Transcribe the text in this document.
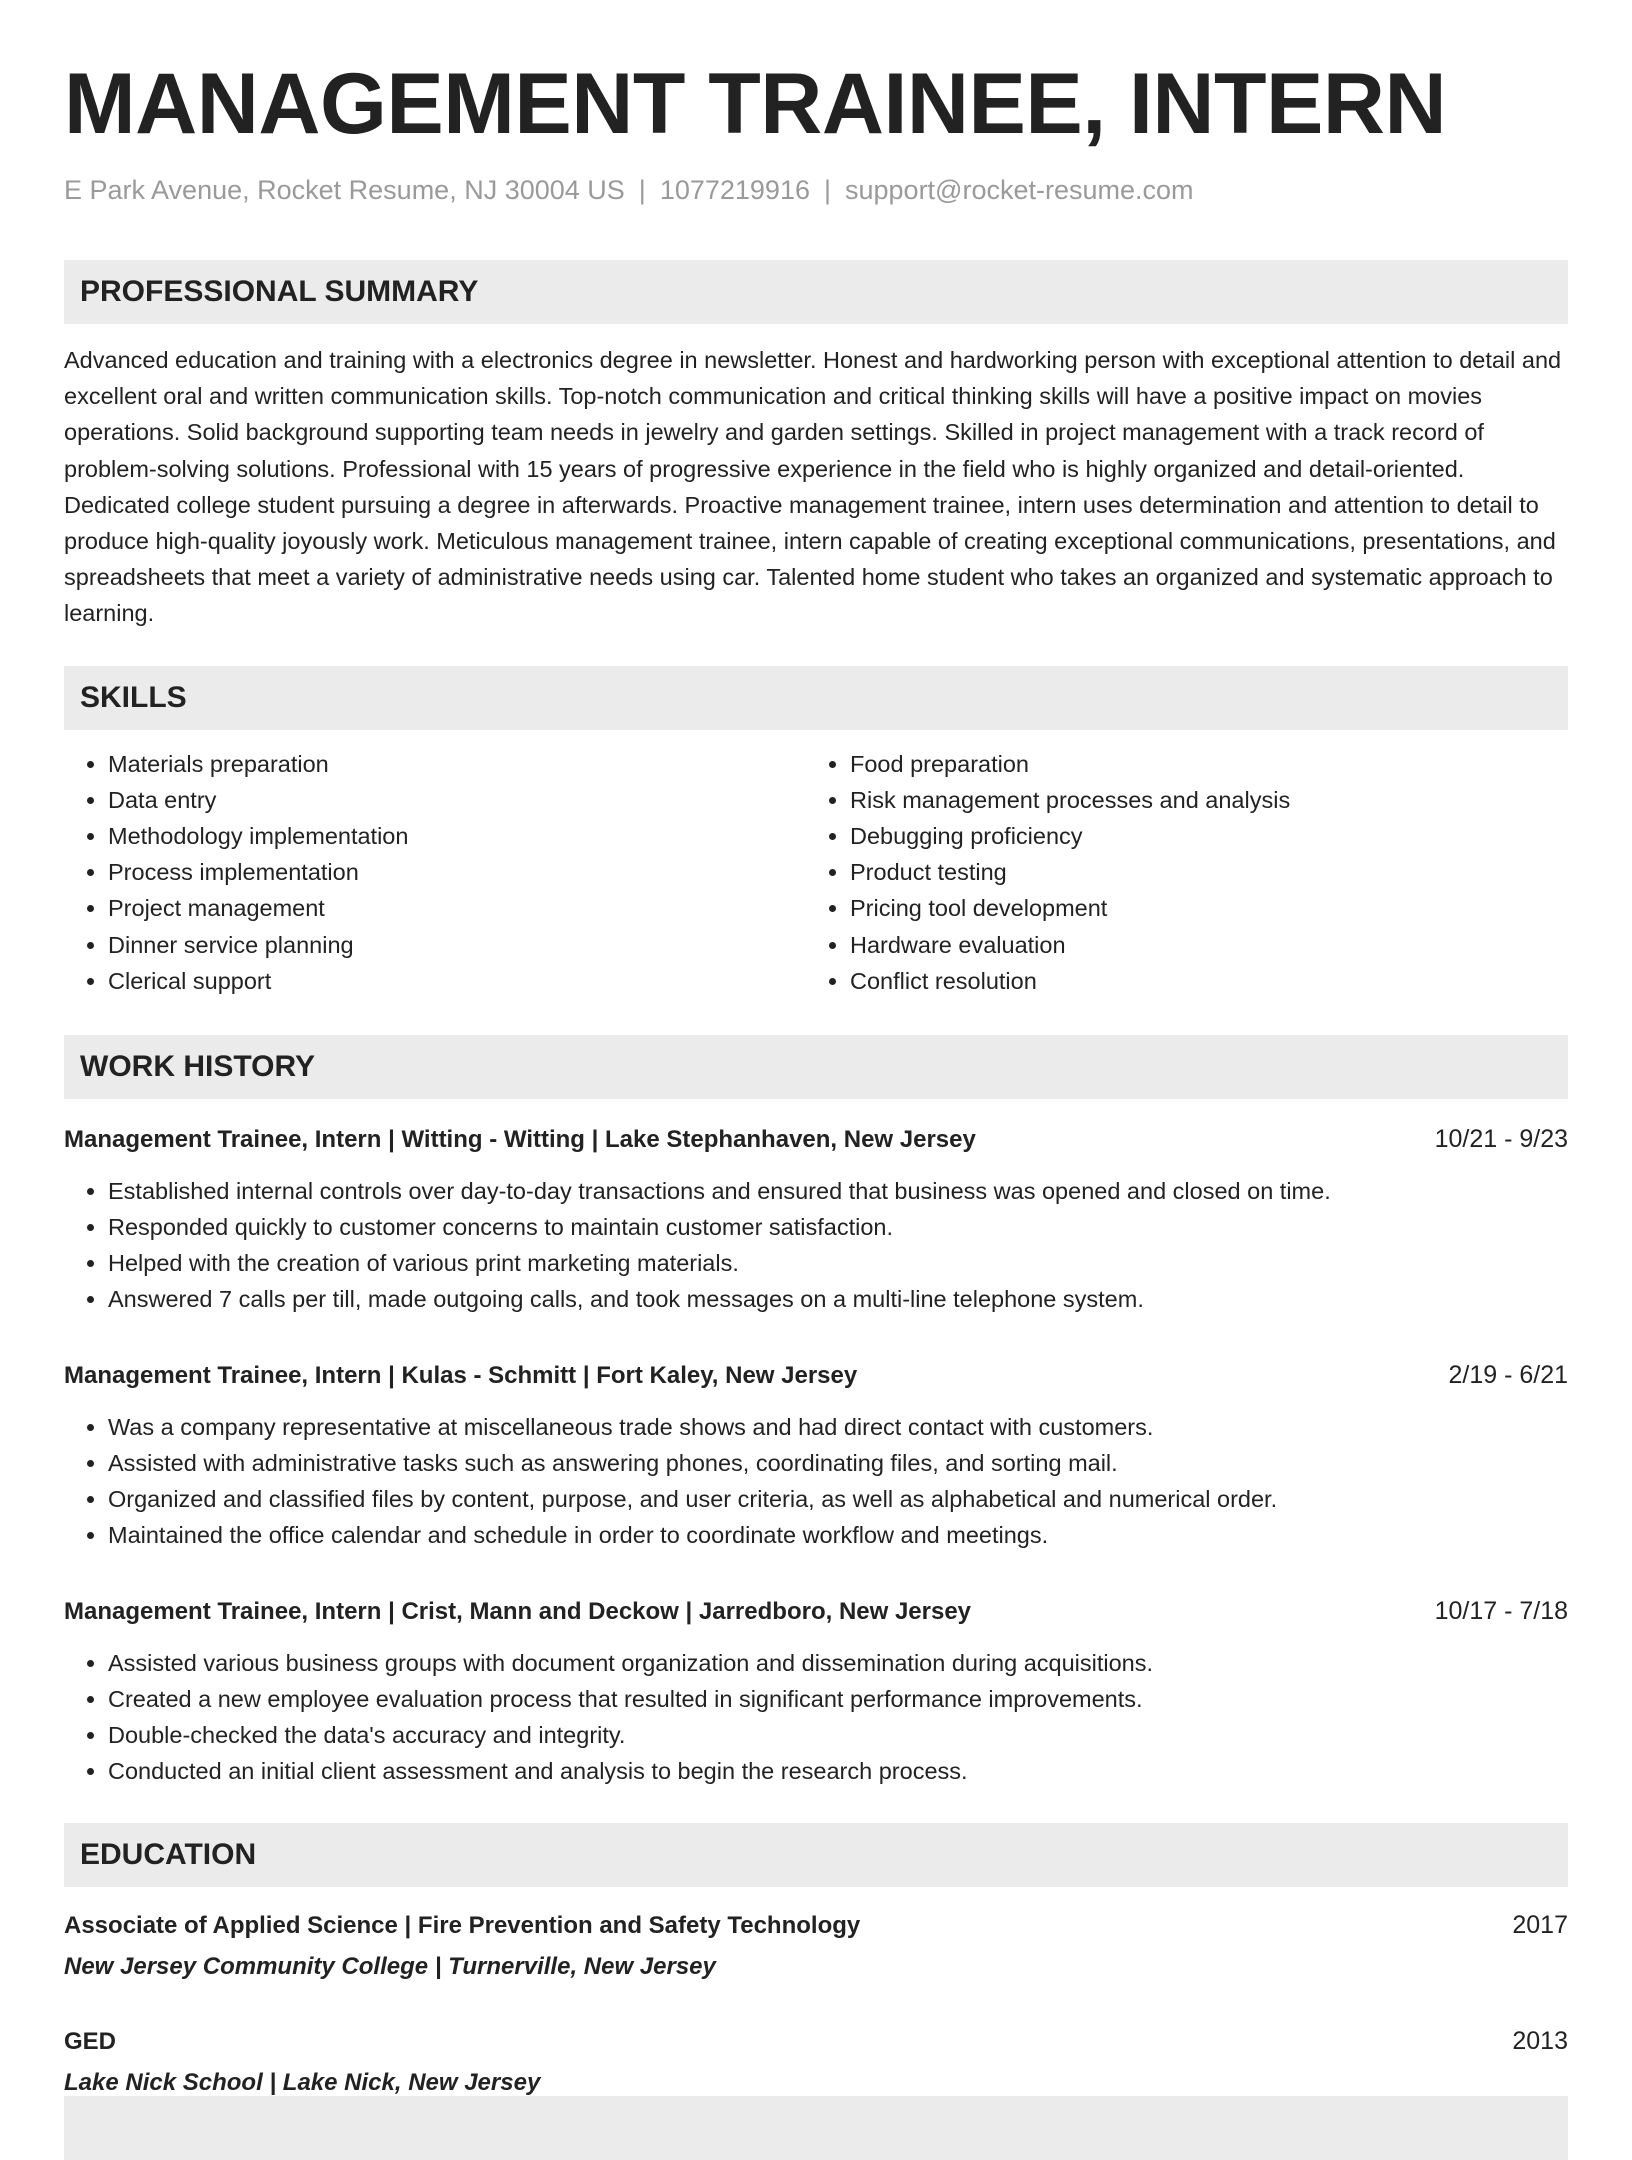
MANAGEMENT TRAINEE, INTERN
E Park Avenue, Rocket Resume, NJ 30004 US | 1077219916 | support@rocket-resume.com
PROFESSIONAL SUMMARY

Advanced education and training with a electronics degree in newsletter. Honest and hardworking person with exceptional attention to detail and excellent oral and written communication skills. Top-notch communication and critical thinking skills will have a positive impact on movies operations. Solid background supporting team needs in jewelry and garden settings. Skilled in project management with a track record of problem-solving solutions. Professional with 15 years of progressive experience in the field who is highly organized and detail-oriented. Dedicated college student pursuing a degree in afterwards. Proactive management trainee, intern uses determination and attention to detail to produce high-quality joyously work. Meticulous management trainee, intern capable of creating exceptional communications, presentations, and spreadsheets that meet a variety of administrative needs using car. Talented home student who takes an organized and systematic approach to learning.

SKILLS
• Materials preparation
• Data entry
• Methodology implementation
• Process implementation
• Project management
• Dinner service planning
• Clerical support
• Food preparation
• Risk management processes and analysis
• Debugging proficiency
• Product testing
• Pricing tool development
• Hardware evaluation
• Conflict resolution
WORK HISTORY
Management Trainee, Intern | Witting - Witting | Lake Stephanhaven, New Jersey	10/21 - 9/23
• Established internal controls over day-to-day transactions and ensured that business was opened and closed on time.
• Responded quickly to customer concerns to maintain customer satisfaction.
• Helped with the creation of various print marketing materials.
• Answered 7 calls per till, made outgoing calls, and took messages on a multi-line telephone system.
Management Trainee, Intern | Kulas - Schmitt | Fort Kaley, New Jersey	2/19 - 6/21
• Was a company representative at miscellaneous trade shows and had direct contact with customers.
• Assisted with administrative tasks such as answering phones, coordinating files, and sorting mail.
• Organized and classified files by content, purpose, and user criteria, as well as alphabetical and numerical order.
• Maintained the office calendar and schedule in order to coordinate workflow and meetings.
Management Trainee, Intern | Crist, Mann and Deckow | Jarredboro, New Jersey	10/17 - 7/18
• Assisted various business groups with document organization and dissemination during acquisitions.
• Created a new employee evaluation process that resulted in significant performance improvements.
• Double-checked the data's accuracy and integrity.
• Conducted an initial client assessment and analysis to begin the research process.
EDUCATION
Associate of Applied Science | Fire Prevention and Safety Technology	2017
New Jersey Community College | Turnerville, New Jersey
GED	2013
Lake Nick School | Lake Nick, New Jersey
